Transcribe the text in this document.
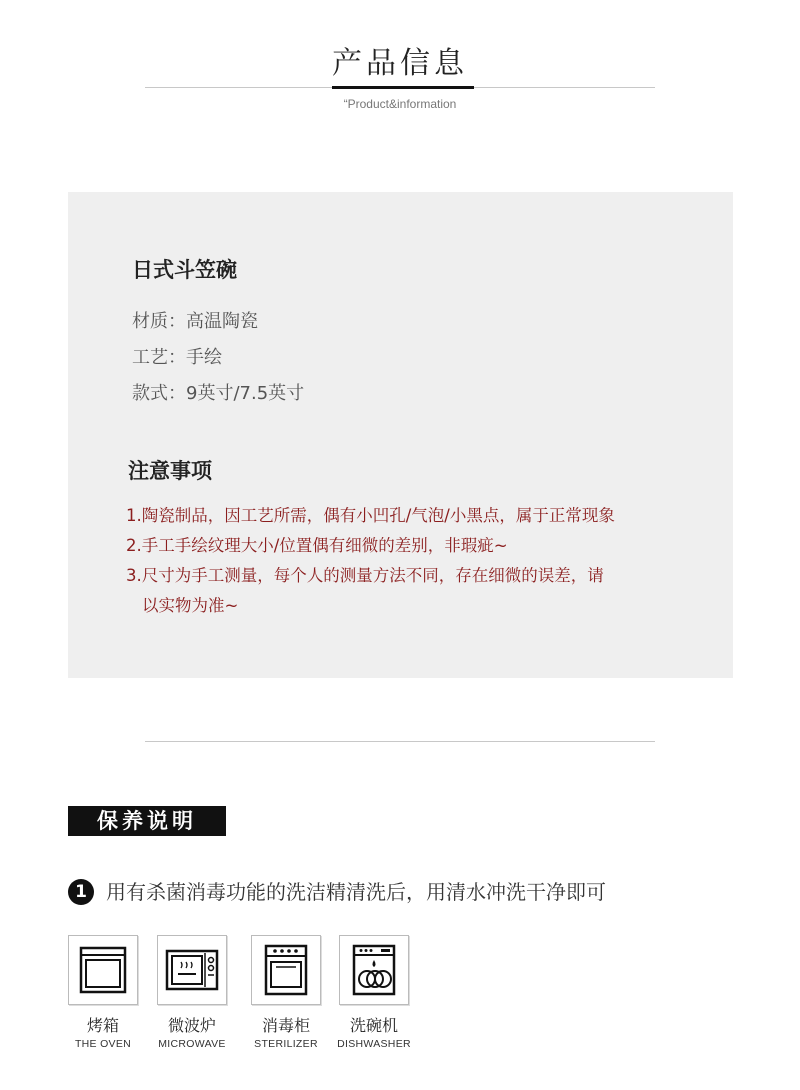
产品信息
“Product&information
日式斗笠碗
材质：高温陶瓷
工艺：手绘
款式：9英寸/7.5英寸
注意事项
1.陶瓷制品，因工艺所需，偶有小凹孔/气泡/小黑点，属于正常现象
2.手工手绘纹理大小/位置偶有细微的差别，非瑕疵~
3.尺寸为手工测量，每个人的测量方法不同，存在细微的误差，请
以实物为准~
保养说明
1 用有杀菌消毒功能的洗洁精清洗后，用清水冲洗干净即可
烤箱
THE OVEN
微波炉
MICROWAVE
消毒柜
STERILIZER
洗碗机
DISHWASHER
